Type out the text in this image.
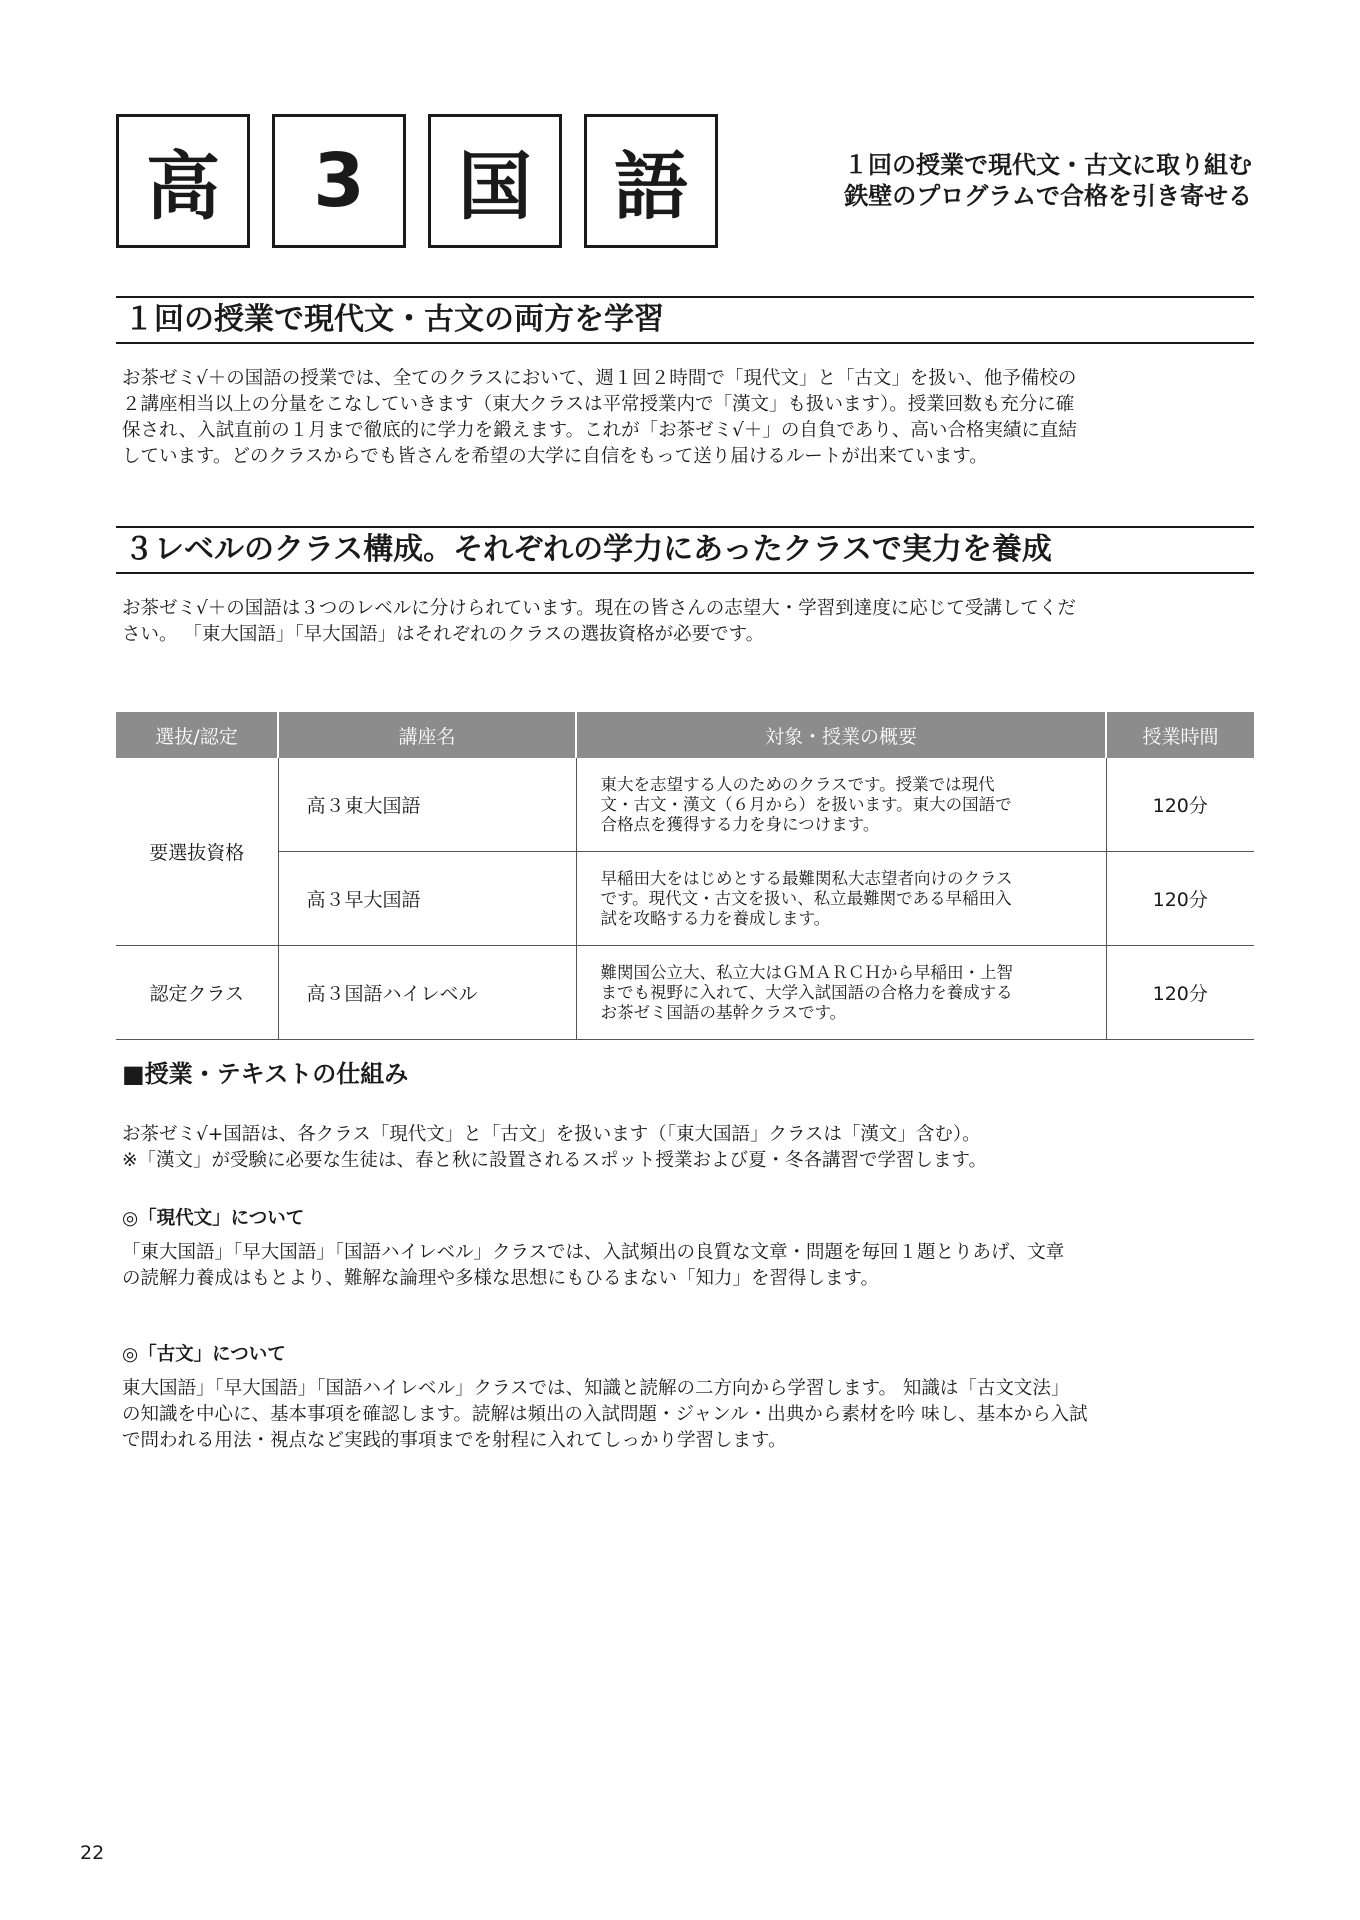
高	3	国	語	１回の授業で現代文・古文に取り組む
鉄壁のプログラムで合格を引き寄せる
１回の授業で現代文・古文の両方を学習
お茶ゼミ√＋の国語の授業では、全てのクラスにおいて、週１回２時間で「現代文」と「古文」を扱い、他予備校の
２講座相当以上の分量をこなしていきます（東大クラスは平常授業内で「漢文」も扱います）。授業回数も充分に確
保され、入試直前の１月まで徹底的に学力を鍛えます。これが「お茶ゼミ√＋」の自負であり、高い合格実績に直結
しています。どのクラスからでも皆さんを希望の大学に自信をもって送り届けるルートが出来ています。
３レベルのクラス構成。それぞれの学力にあったクラスで実力を養成
お茶ゼミ√＋の国語は３つのレベルに分けられています。現在の皆さんの志望大・学習到達度に応じて受講してくだ
さい。 「東大国語」「早大国語」はそれぞれのクラスの選抜資格が必要です。
選抜/認定	講座名	対象・授業の概要	授業時間
要選抜資格	高３東大国語	東大を志望する人のためのクラスです。授業では現代
文・古文・漢文（６月から）を扱います。東大の国語で
合格点を獲得する力を身につけます。	120分
	高３早大国語	早稲田大をはじめとする最難関私大志望者向けのクラス
です。現代文・古文を扱い、私立最難関である早稲田入
試を攻略する力を養成します。	120分
認定クラス	高３国語ハイレベル	難関国公立大、私立大はＧＭＡＲＣＨから早稲田・上智
までも視野に入れて、大学入試国語の合格力を養成する
お茶ゼミ国語の基幹クラスです。	120分
■授業・テキストの仕組み
お茶ゼミ√+国語は、各クラス「現代文」と「古文」を扱います（「東大国語」クラスは「漢文」含む）。
※「漢文」が受験に必要な生徒は、春と秋に設置されるスポット授業および夏・冬各講習で学習します。
◎「現代文」について
「東大国語」「早大国語」「国語ハイレベル」クラスでは、入試頻出の良質な文章・問題を毎回１題とりあげ、文章
の読解力養成はもとより、難解な論理や多様な思想にもひるまない「知力」を習得します。
◎「古文」について
東大国語」「早大国語」「国語ハイレベル」クラスでは、知識と読解の二方向から学習します。 知識は「古文文法」
の知識を中心に、基本事項を確認します。読解は頻出の入試問題・ジャンル・出典から素材を吟 味し、基本から入試
で問われる用法・視点など実践的事項までを射程に入れてしっかり学習します。
22
